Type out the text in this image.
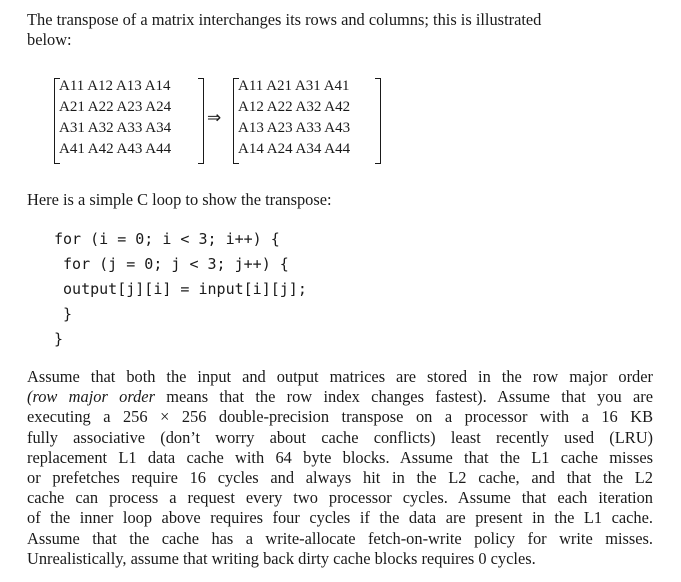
The transpose of a matrix interchanges its rows and columns; this is illustrated
below:
A11 A12 A13 A14
A21 A22 A23 A24
A31 A32 A33 A34
A41 A42 A43 A44
⇒
A11 A21 A31 A41
A12 A22 A32 A42
A13 A23 A33 A43
A14 A24 A34 A44
Here is a simple C loop to show the transpose:
for (i = 0; i < 3; i++) {
for (j = 0; j < 3; j++) {
output[j][i] = input[i][j];
}
}
Assume that both the input and output matrices are stored in the row major order
(row major order means that the row index changes fastest). Assume that you are
executing a 256 × 256 double-precision transpose on a processor with a 16 KB
fully associative (don’t worry about cache conflicts) least recently used (LRU)
replacement L1 data cache with 64 byte blocks. Assume that the L1 cache misses
or prefetches require 16 cycles and always hit in the L2 cache, and that the L2
cache can process a request every two processor cycles. Assume that each iteration
of the inner loop above requires four cycles if the data are present in the L1 cache.
Assume that the cache has a write-allocate fetch-on-write policy for write misses.
Unrealistically, assume that writing back dirty cache blocks requires 0 cycles.
